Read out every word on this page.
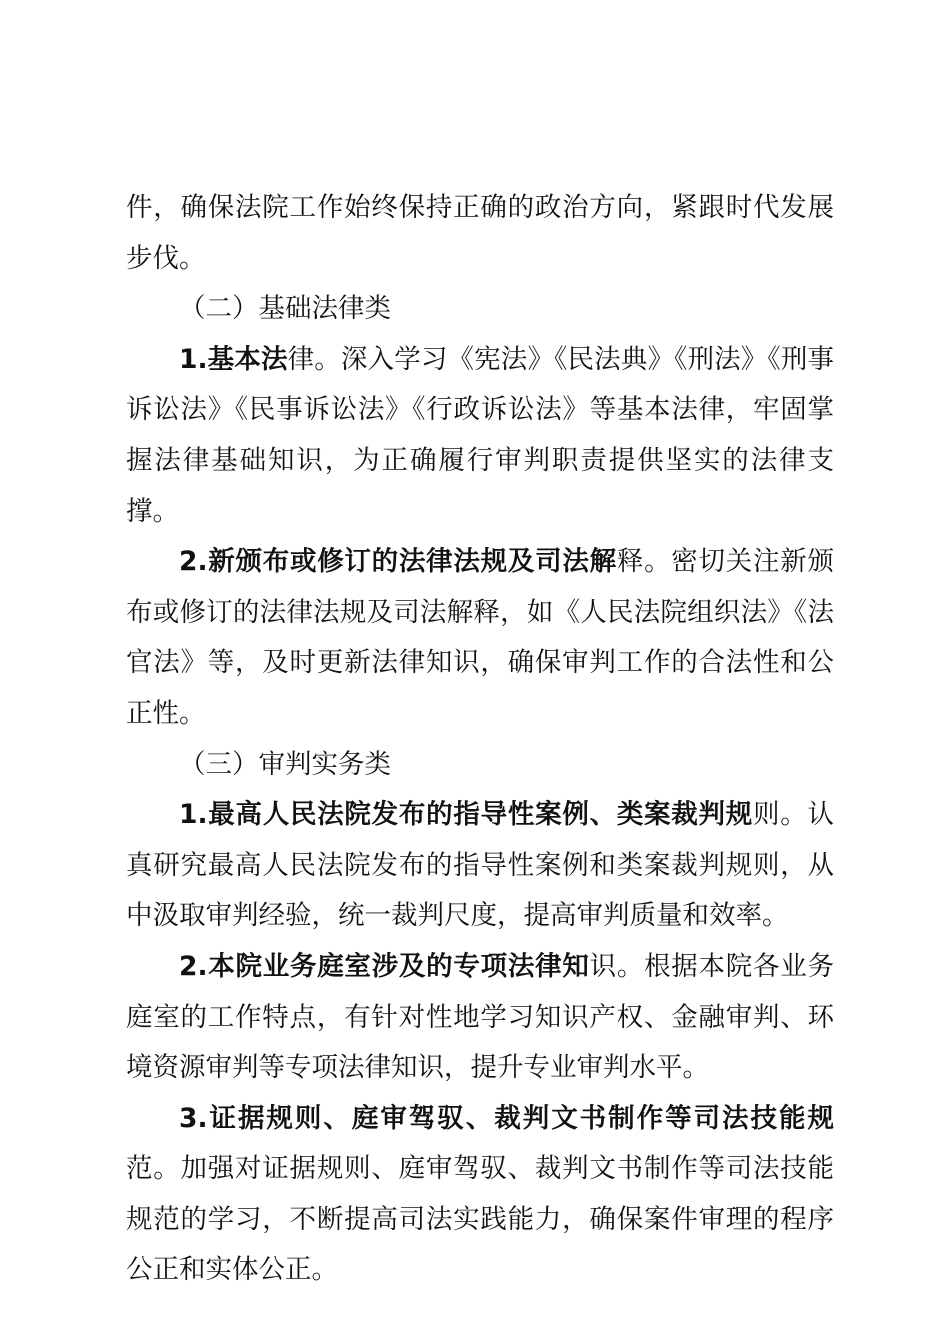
件，确保法院工作始终保持正确的政治方向，紧跟时代发展步伐。

（二）基础法律类

1.基本法律。深入学习《宪法》《民法典》《刑法》《刑事诉讼法》《民事诉讼法》《行政诉讼法》等基本法律，牢固掌握法律基础知识，为正确履行审判职责提供坚实的法律支撑。

2.新颁布或修订的法律法规及司法解释。密切关注新颁布或修订的法律法规及司法解释，如《人民法院组织法》《法官法》等，及时更新法律知识，确保审判工作的合法性和公正性。

（三）审判实务类

1.最高人民法院发布的指导性案例、类案裁判规则。认真研究最高人民法院发布的指导性案例和类案裁判规则，从中汲取审判经验，统一裁判尺度，提高审判质量和效率。

2.本院业务庭室涉及的专项法律知识。根据本院各业务庭室的工作特点，有针对性地学习知识产权、金融审判、环境资源审判等专项法律知识，提升专业审判水平。

3.证据规则、庭审驾驭、裁判文书制作等司法技能规范。加强对证据规则、庭审驾驭、裁判文书制作等司法技能规范的学习，不断提高司法实践能力，确保案件审理的程序公正和实体公正。
